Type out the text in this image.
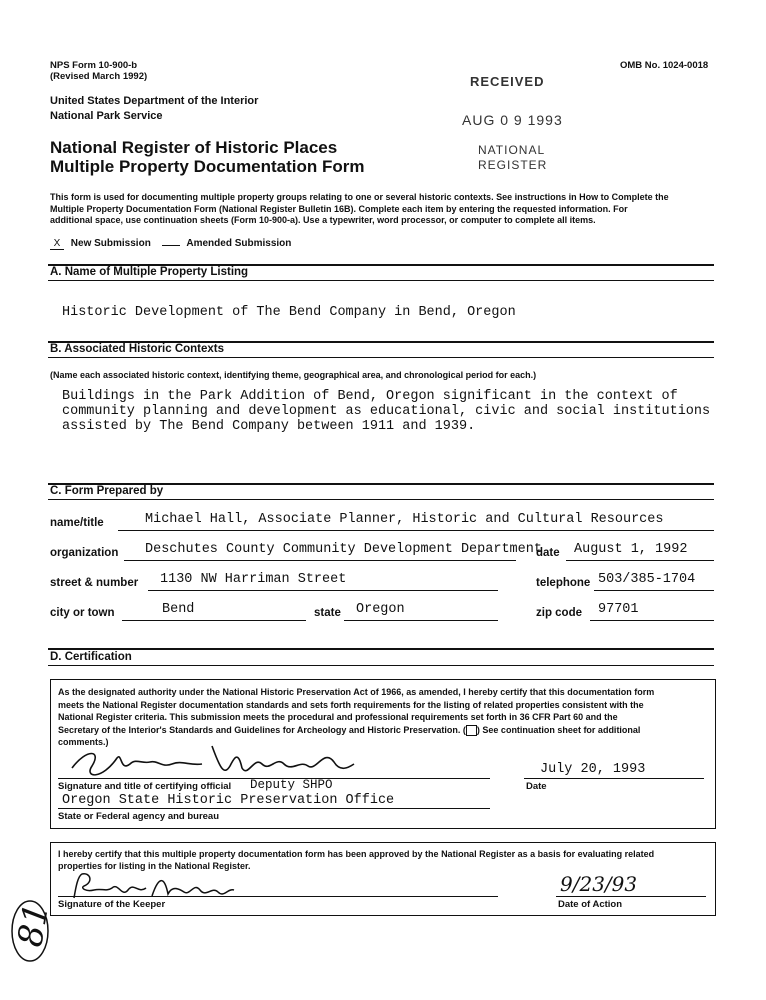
NPS Form 10-900-b
(Revised March 1992)
OMB No. 1024-0018
United States Department of the Interior
National Park Service
National Register of Historic Places
Multiple Property Documentation Form
RECEIVED
AUG 0 9 1993
NATIONAL
REGISTER
This form is used for documenting multiple property groups relating to one or several historic contexts. See instructions in How to Complete the
Multiple Property Documentation Form (National Register Bulletin 16B). Complete each item by entering the requested information. For
additional space, use continuation sheets (Form 10-900-a). Use a typewriter, word processor, or computer to complete all items.
X New Submission	Amended Submission
A. Name of Multiple Property Listing
Historic Development of The Bend Company in Bend, Oregon
B. Associated Historic Contexts
(Name each associated historic context, identifying theme, geographical area, and chronological period for each.)
Buildings in the Park Addition of Bend, Oregon significant in the context of
community planning and development as educational, civic and social institutions
assisted by The Bend Company between 1911 and 1939.
C. Form Prepared by
name/title	Michael Hall, Associate Planner, Historic and Cultural Resources
organization Deschutes County Community Development Department
date August 1, 1992
street & number 1130 NW Harriman Street	telephone 503/385-1704
city or town	Bend	state Oregon	zip code 97701
D. Certification
As the designated authority under the National Historic Preservation Act of 1966, as amended, I hereby certify that this documentation form
meets the National Register documentation standards and sets forth requirements for the listing of related properties consistent with the
National Register criteria. This submission meets the procedural and professional requirements set forth in 36 CFR Part 60 and the
Secretary of the Interior's Standards and Guidelines for Archeology and Historic Preservation. ( ) See continuation sheet for additional
comments.)
Signature and title of certifying official Deputy SHPO
July 20, 1993
Date
Oregon State Historic Preservation Office
State or Federal agency and bureau
I hereby certify that this multiple property documentation form has been approved by the National Register as a basis for evaluating related
properties for listing in the National Register.
Signature of the Keeper
9/23/93
Date of Action
81
